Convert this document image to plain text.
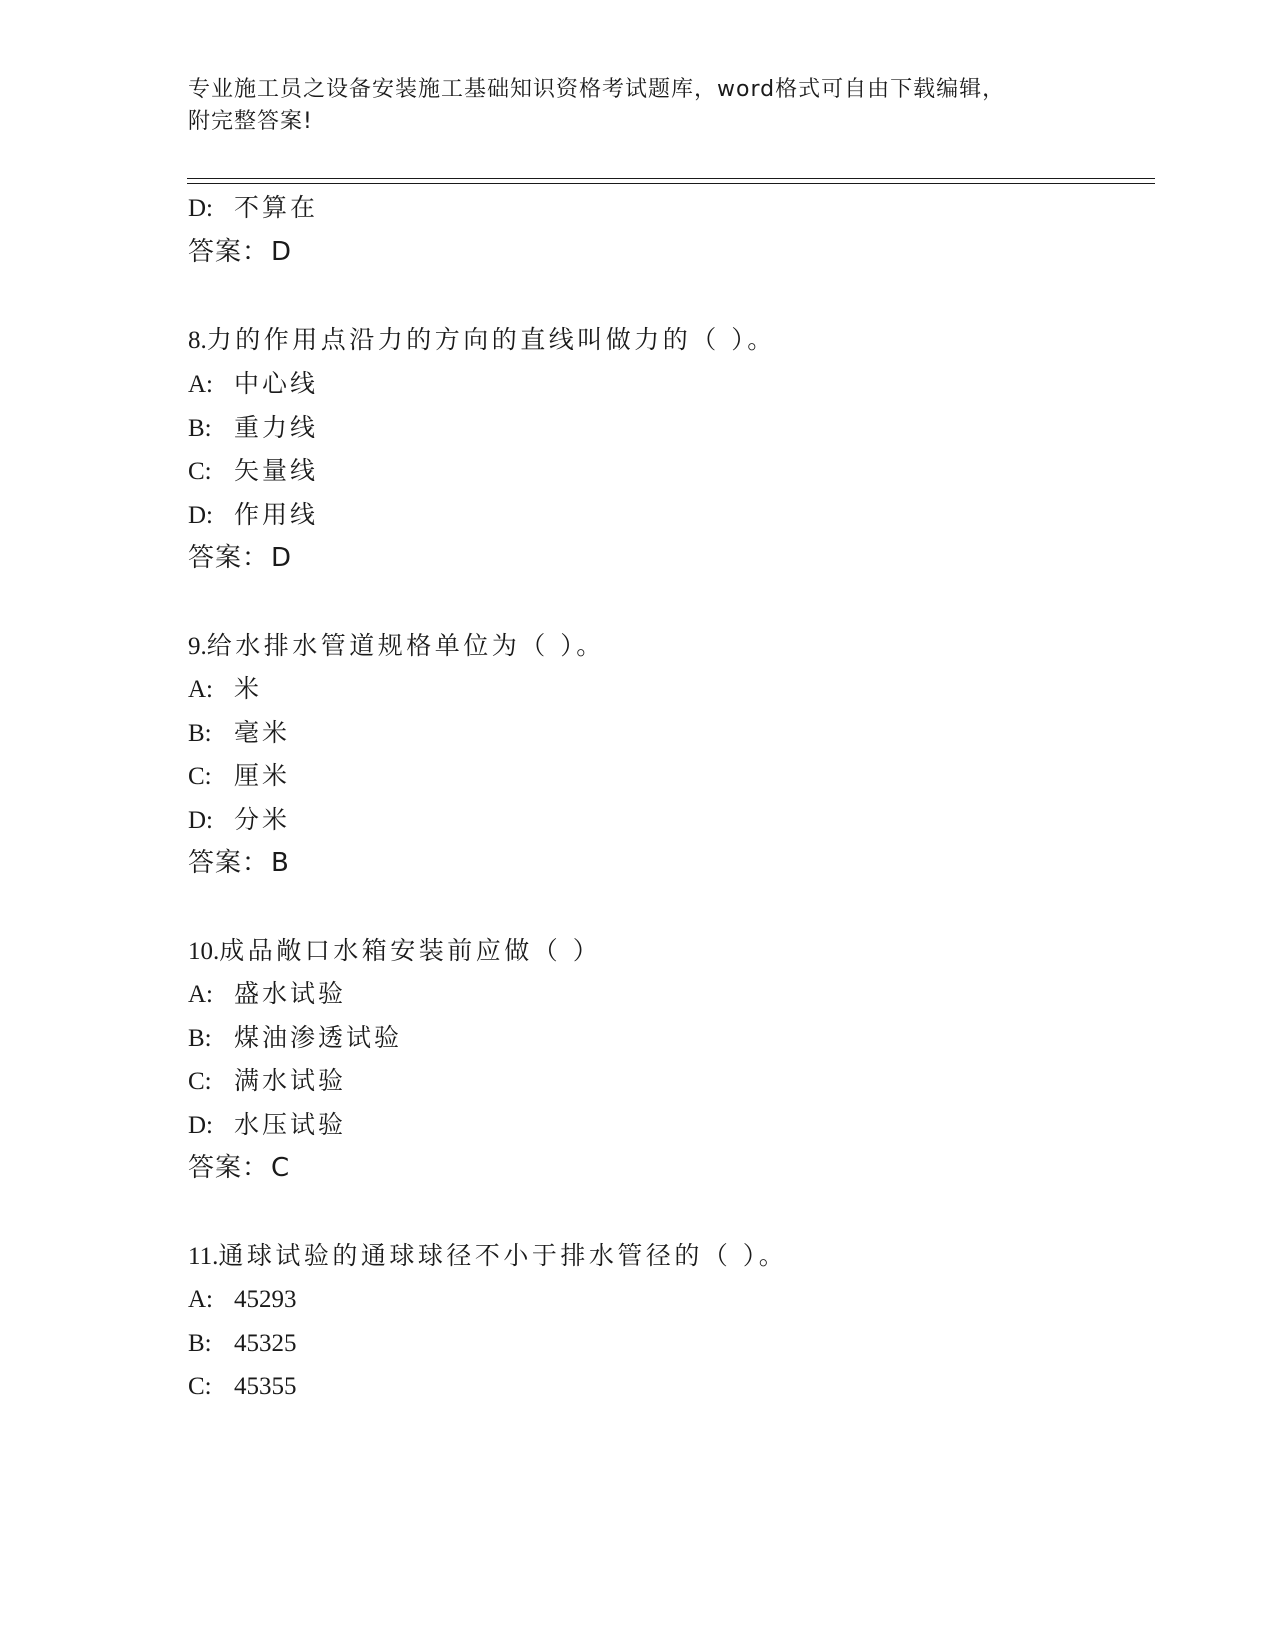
专业施工员之设备安装施工基础知识资格考试题库，word格式可自由下载编辑，
附完整答案!
D: 不算在
答案：D
8.力的作用点沿力的方向的直线叫做力的（ ）。
A: 中心线
B: 重力线
C: 矢量线
D: 作用线
答案：D
9.给水排水管道规格单位为（ ）。
A: 米
B: 毫米
C: 厘米
D: 分米
答案：B
10.成品敞口水箱安装前应做（ ）
A: 盛水试验
B: 煤油渗透试验
C: 满水试验
D: 水压试验
答案：C
11.通球试验的通球球径不小于排水管径的（ ）。
A: 45293
B: 45325
C: 45355
